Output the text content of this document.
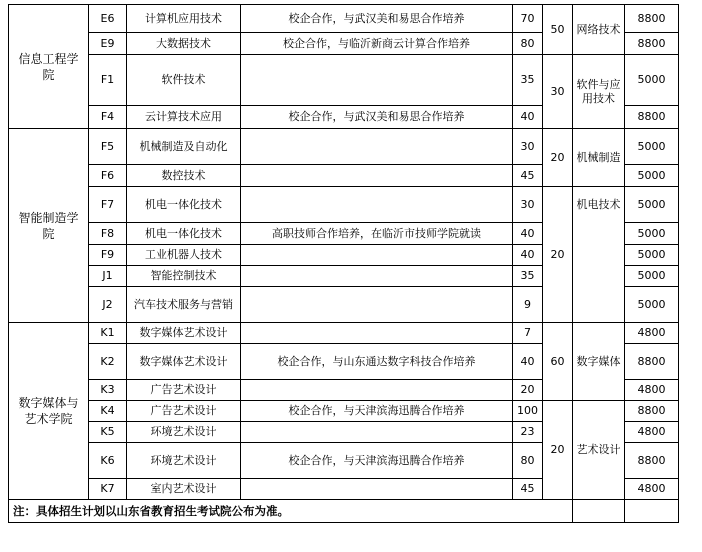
信息工程学院	E6	计算机应用技术	校企合作，与武汉美和易思合作培养	70	50	网络技术	8800
	E9	大数据技术	校企合作，与临沂新商云计算合作培养	80			8800
	F1	软件技术		35	30	软件与应用技术	5000
	F4	云计算技术应用	校企合作，与武汉美和易思合作培养	40			8800
智能制造学院	F5	机械制造及自动化		30	20	机械制造	5000
	F6	数控技术		45			5000
	F7	机电一体化技术		30	20	机电技术	5000
	F8	机电一体化技术	高职技师合作培养，在临沂市技师学院就读	40			5000
	F9	工业机器人技术		40			5000
	J1	智能控制技术		35			5000
	J2	汽车技术服务与营销		9			5000
数字媒体与艺术学院	K1	数字媒体艺术设计		7	60	数字媒体	4800
	K2	数字媒体艺术设计	校企合作，与山东通达数字科技合作培养	40			8800
	K3	广告艺术设计		20			4800
	K4	广告艺术设计	校企合作，与天津滨海迅腾合作培养	100	20	艺术设计	8800
	K5	环境艺术设计		23			4800
	K6	环境艺术设计	校企合作，与天津滨海迅腾合作培养	80			8800
	K7	室内艺术设计		45			4800
注：具体招生计划以山东省教育招生考试院公布为准。							
